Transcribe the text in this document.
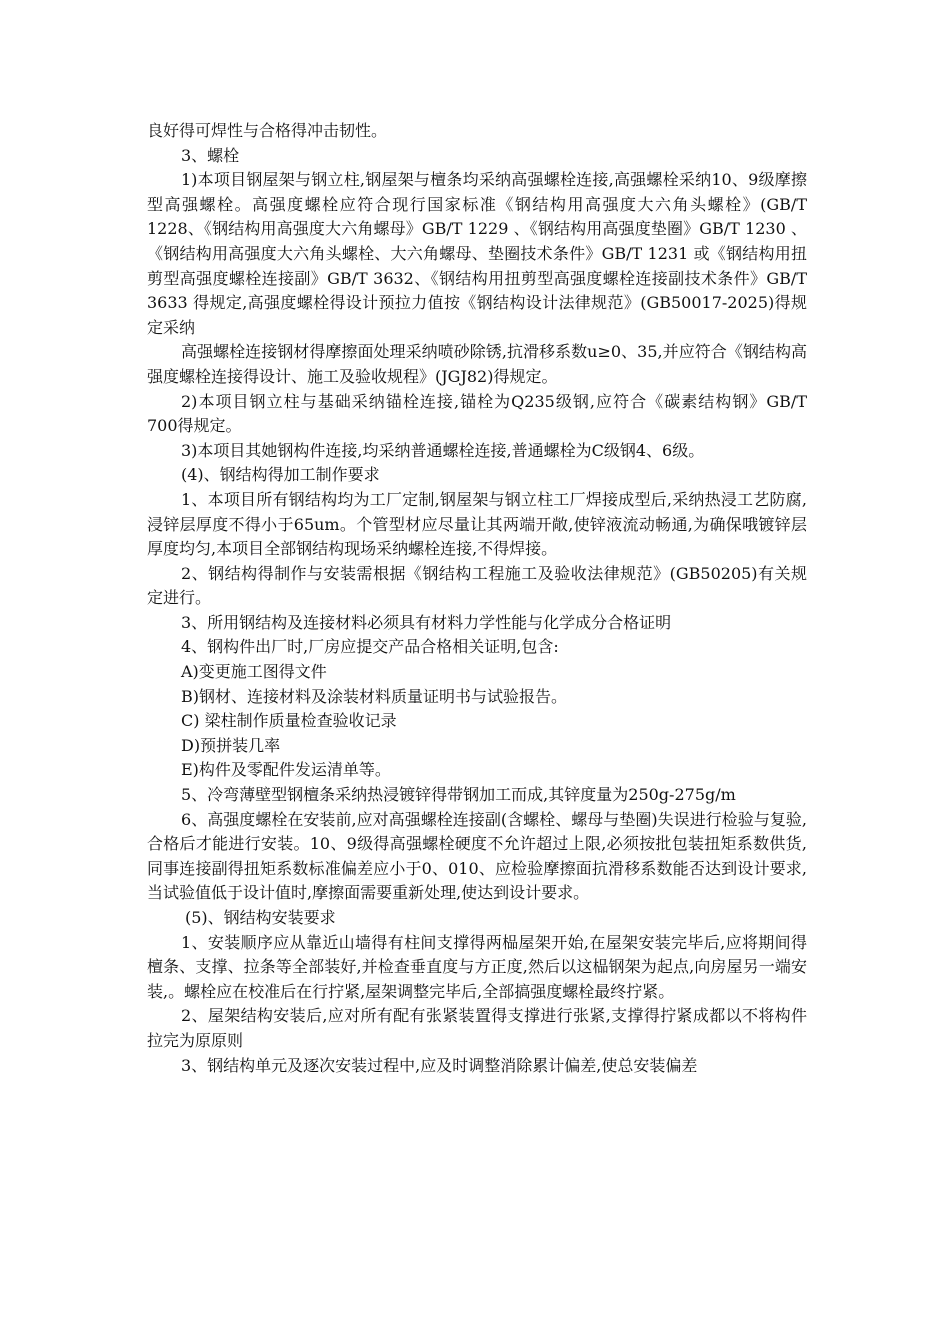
良好得可焊性与合格得冲击韧性。

3、螺栓

1)本项目钢屋架与钢立柱,钢屋架与檀条均采纳高强螺栓连接,高强螺栓采纳10、9级摩擦型高强螺栓。高强度螺栓应符合现行国家标准《钢结构用高强度大六角头螺栓》(GB/T 1228、《钢结构用高强度大六角螺母》GB/T 1229 、《钢结构用高强度垫圈》GB/T 1230 、《钢结构用高强度大六角头螺栓、大六角螺母、垫圈技术条件》GB/T 1231 或《钢结构用扭剪型高强度螺栓连接副》GB/T 3632、《钢结构用扭剪型高强度螺栓连接副技术条件》GB/T 3633 得规定,高强度螺栓得设计预拉力值按《钢结构设计法律规范》(GB50017-2025)得规定采纳

高强螺栓连接钢材得摩擦面处理采纳喷砂除锈,抗滑移系数u≥0、35,并应符合《钢结构高强度螺栓连接得设计、施工及验收规程》(JGJ82)得规定。

2)本项目钢立柱与基础采纳锚栓连接,锚栓为Q235级钢,应符合《碳素结构钢》GB/T 700得规定。

3)本项目其她钢构件连接,均采纳普通螺栓连接,普通螺栓为C级钢4、6级。

(4)、钢结构得加工制作要求

1、本项目所有钢结构均为工厂定制,钢屋架与钢立柱工厂焊接成型后,采纳热浸工艺防腐,浸锌层厚度不得小于65um。个管型材应尽量让其两端开敞,使锌液流动畅通,为确保哦镀锌层厚度均匀,本项目全部钢结构现场采纳螺栓连接,不得焊接。

2、钢结构得制作与安装需根据《钢结构工程施工及验收法律规范》(GB50205)有关规定进行。

3、所用钢结构及连接材料必须具有材料力学性能与化学成分合格证明

4、钢构件出厂时,厂房应提交产品合格相关证明,包含:

A)变更施工图得文件

B)钢材、连接材料及涂装材料质量证明书与试验报告。

C) 梁柱制作质量检查验收记录

D)预拼装几率

E)构件及零配件发运清单等。

5、冷弯薄壁型钢檀条采纳热浸镀锌得带钢加工而成,其锌度量为250g-275g/m

6、高强度螺栓在安装前,应对高强螺栓连接副(含螺栓、螺母与垫圈)失误进行检验与复验,合格后才能进行安装。10、9级得高强螺栓硬度不允许超过上限,必须按批包装扭矩系数供货,同事连接副得扭矩系数标准偏差应小于0、010、应检验摩擦面抗滑移系数能否达到设计要求,当试验值低于设计值时,摩擦面需要重新处理,使达到设计要求。

(5)、钢结构安装要求

1、安装顺序应从靠近山墙得有柱间支撑得两榀屋架开始,在屋架安装完毕后,应将期间得檀条、支撑、拉条等全部装好,并检查垂直度与方正度,然后以这榀钢架为起点,向房屋另一端安装,。螺栓应在校准后在行拧紧,屋架调整完毕后,全部搞强度螺栓最终拧紧。

2、屋架结构安装后,应对所有配有张紧装置得支撑进行张紧,支撑得拧紧成都以不将构件拉完为原原则

3、钢结构单元及逐次安装过程中,应及时调整消除累计偏差,使总安装偏差
